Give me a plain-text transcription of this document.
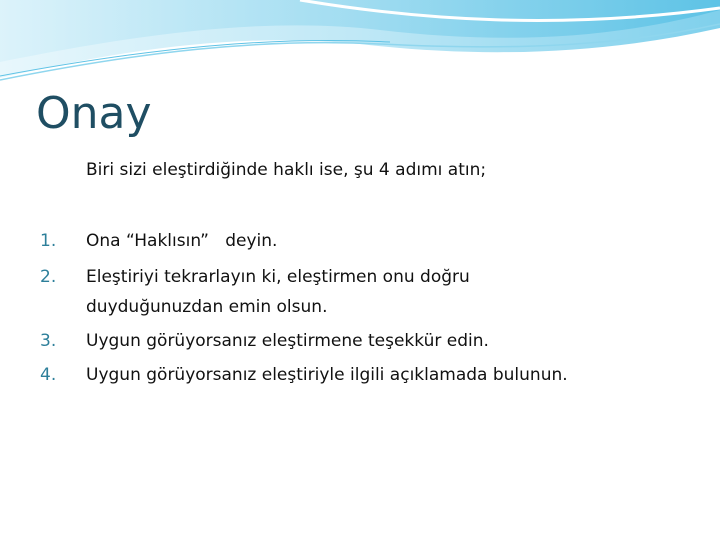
Onay

Biri sizi eleştirdiğinde haklı ise, şu 4 adımı atın;

1.	Ona “Haklısın”   deyin.
2.	Eleştiriyi tekrarlayın ki, eleştirmen onu doğru duyduğunuzdan emin olsun.
3.	Uygun görüyorsanız eleştirmene teşekkür edin.
4.	Uygun görüyorsanız eleştiriyle ilgili açıklamada bulunun.
